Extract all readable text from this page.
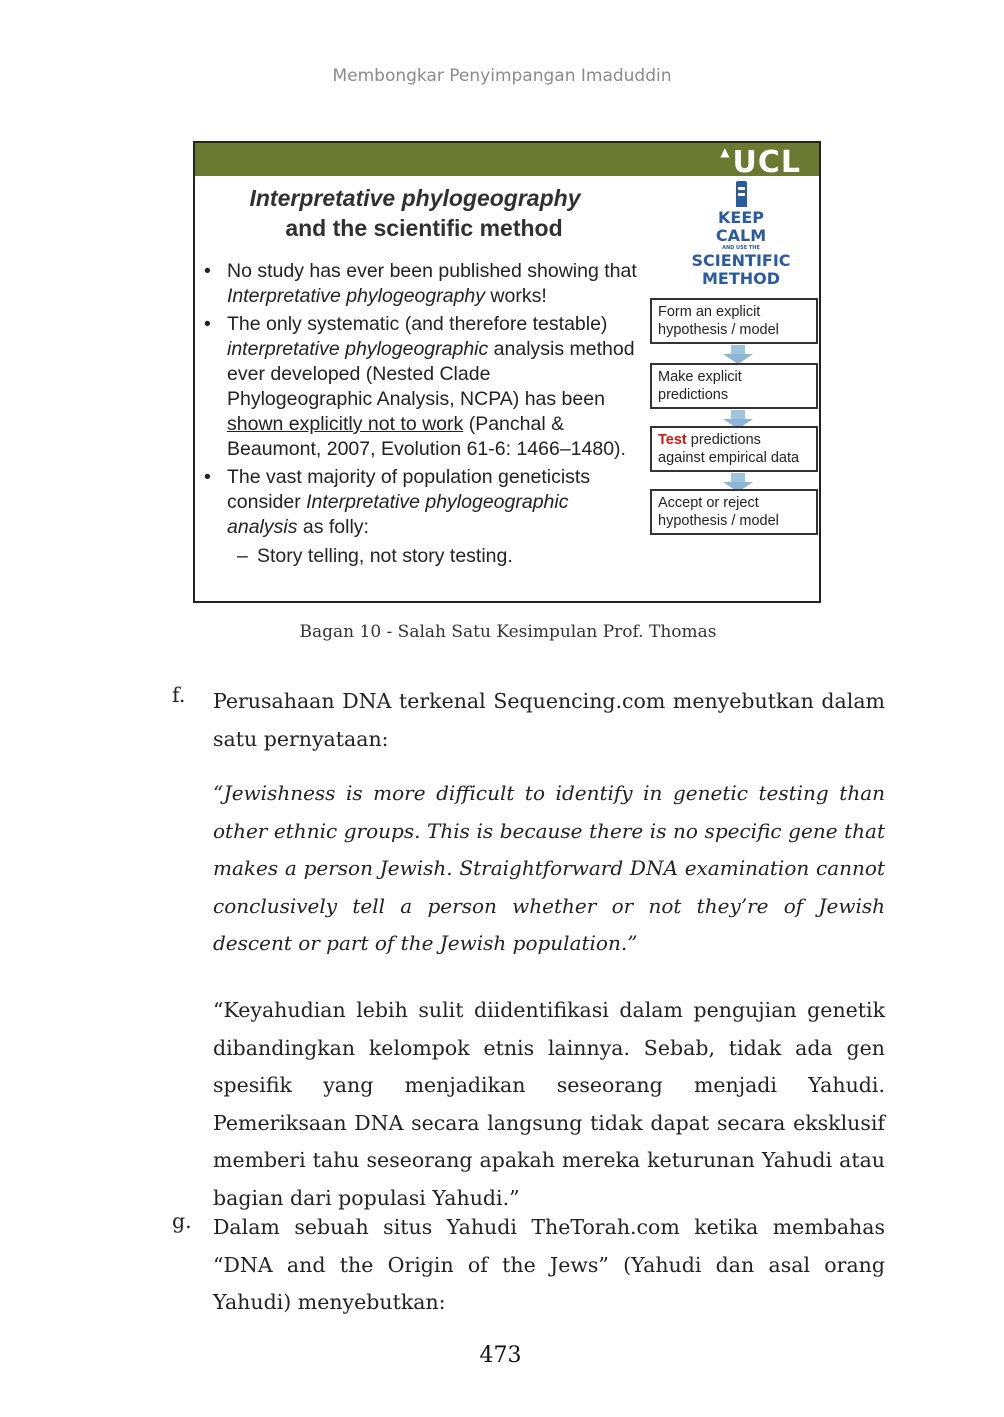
Membongkar Penyimpangan Imaduddin
▲UCL
Interpretative phylogeography
and the scientific method
• No study has ever been published showing that Interpretative phylogeography works!
• The only systematic (and therefore testable) interpretative phylogeographic analysis method ever developed (Nested Clade Phylogeographic Analysis, NCPA) has been shown explicitly not to work (Panchal & Beaumont, 2007, Evolution 61-6: 1466–1480).
• The vast majority of population geneticists consider Interpretative phylogeographic analysis as folly:
– Story telling, not story testing.
KEEP
CALM
AND USE THE
SCIENTIFIC
METHOD
Form an explicit hypothesis / model
Make explicit predictions
Test predictions against empirical data
Accept or reject hypothesis / model
Bagan 10 - Salah Satu Kesimpulan Prof. Thomas
f. Perusahaan DNA terkenal Sequencing.com menyebutkan dalam satu pernyataan:
“Jewishness is more difficult to identify in genetic testing than other ethnic groups. This is because there is no specific gene that makes a person Jewish. Straightforward DNA examination cannot conclusively tell a person whether or not they’re of Jewish descent or part of the Jewish population.”
“Keyahudian lebih sulit diidentifikasi dalam pengujian genetik dibandingkan kelompok etnis lainnya. Sebab, tidak ada gen spesifik yang menjadikan seseorang menjadi Yahudi. Pemeriksaan DNA secara langsung tidak dapat secara eksklusif memberi tahu seseorang apakah mereka keturunan Yahudi atau bagian dari populasi Yahudi.”
g. Dalam sebuah situs Yahudi TheTorah.com ketika membahas “DNA and the Origin of the Jews” (Yahudi dan asal orang Yahudi) menyebutkan:
473
